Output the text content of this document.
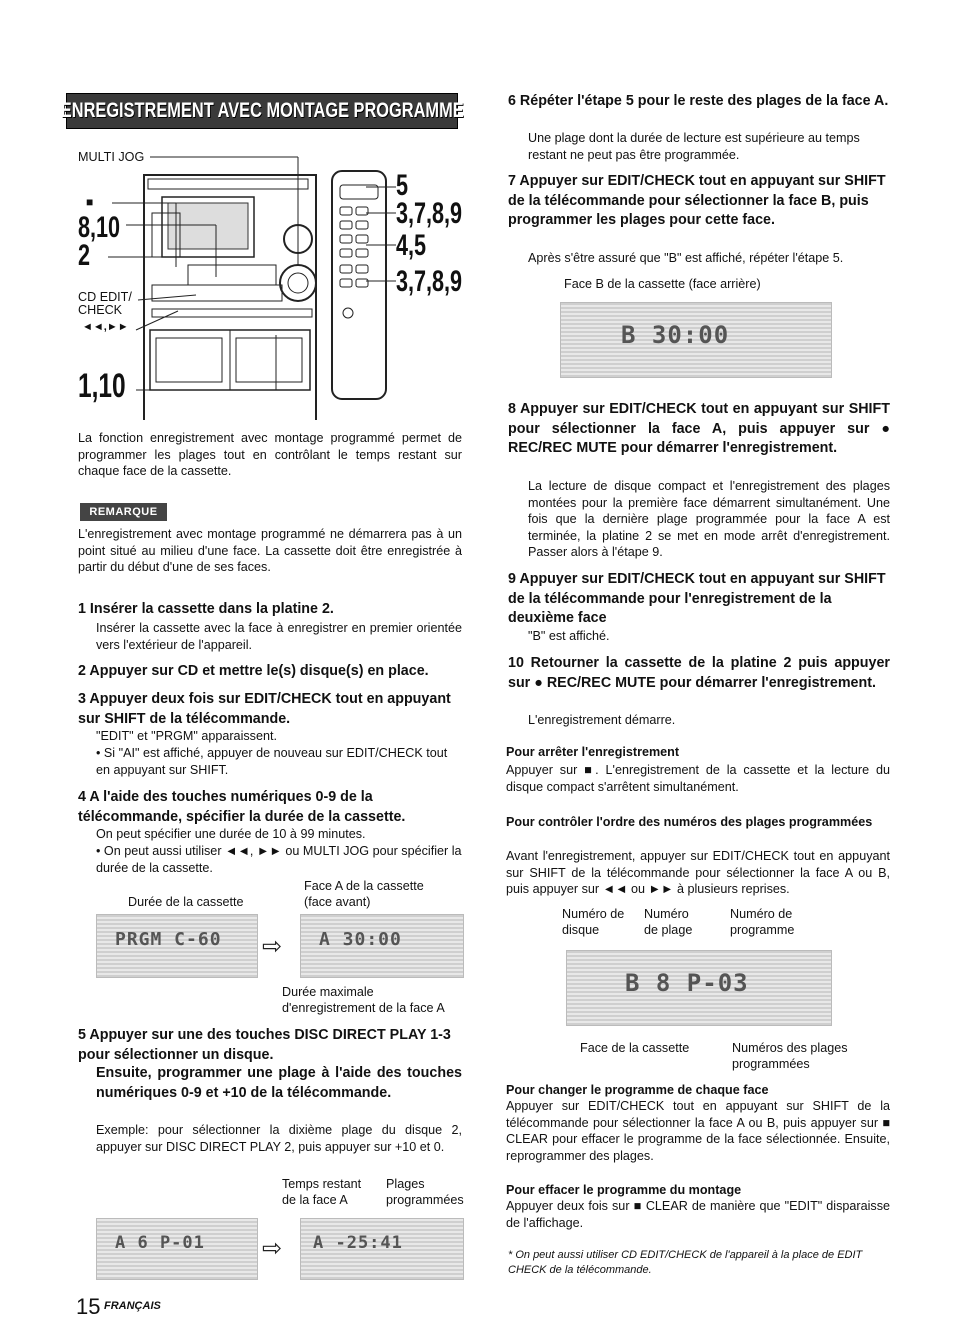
ENREGISTREMENT AVEC MONTAGE PROGRAMME
MULTI JOG
■
8,10
2
CD EDIT/
CHECK
◄◄,►►
1,10
5
3,7,8,9
4,5
3,7,8,9
La fonction enregistrement avec montage programmé permet de programmer les plages tout en contrôlant le temps restant sur chaque face de la cassette.
REMARQUE
L'enregistrement avec montage programmé ne démarrera pas à un point situé au milieu d'une face. La cassette doit être enregistrée à partir du début d'une de ses faces.
1 Insérer la cassette dans la platine 2.
Insérer la cassette avec la face à enregistrer en premier orientée vers l'extérieur de l'appareil.
2 Appuyer sur CD et mettre le(s) disque(s) en place.
3 Appuyer deux fois sur EDIT/CHECK tout en appuyant sur SHIFT de la télécommande.
"EDIT" et "PRGM" apparaissent.
• Si "AI" est affiché, appuyer de nouveau sur EDIT/CHECK tout en appuyant sur SHIFT.
4 A l'aide des touches numériques 0-9 de la télécommande, spécifier la durée de la cassette.
On peut spécifier une durée de 10 à 99 minutes.
• On peut aussi utiliser ◄◄, ►► ou MULTI JOG pour spécifier la durée de la cassette.
Durée de la cassette
Face A de la cassette
(face avant)
PRGM C-60 ⇨ A 30:00
Durée maximale
d'enregistrement de la face A
5 Appuyer sur une des touches DISC DIRECT PLAY 1-3 pour sélectionner un disque.
Ensuite, programmer une plage à l'aide des touches numériques 0-9 et +10 de la télécommande.
Exemple: pour sélectionner la dixième plage du disque 2, appuyer sur DISC DIRECT PLAY 2, puis appuyer sur +10 et 0.
Temps restant
de la face A
Plages
programmées
A 6 P-01 ⇨ A -25:41
15 FRANÇAIS
6 Répéter l'étape 5 pour le reste des plages de la face A.
Une plage dont la durée de lecture est supérieure au temps restant ne peut pas être programmée.
7 Appuyer sur EDIT/CHECK tout en appuyant sur SHIFT de la télécommande pour sélectionner la face B, puis programmer les plages pour cette face.
Après s'être assuré que "B" est affiché, répéter l'étape 5.
Face B de la cassette (face arrière)
B 30:00
8 Appuyer sur EDIT/CHECK tout en appuyant sur SHIFT pour sélectionner la face A, puis appuyer sur ● REC/REC MUTE pour démarrer l'enregistrement.
La lecture de disque compact et l'enregistrement des plages montées pour la première face démarrent simultanément. Une fois que la dernière plage programmée pour la face A est terminée, la platine 2 se met en mode arrêt d'enregistrement. Passer alors à l'étape 9.
9 Appuyer sur EDIT/CHECK tout en appuyant sur SHIFT de la télécommande pour l'enregistrement de la deuxième face
"B" est affiché.
10 Retourner la cassette de la platine 2 puis appuyer sur ● REC/REC MUTE pour démarrer l'enregistrement.
L'enregistrement démarre.
Pour arrêter l'enregistrement
Appuyer sur ■. L'enregistrement de la cassette et la lecture du disque compact s'arrêtent simultanément.
Pour contrôler l'ordre des numéros des plages programmées
Avant l'enregistrement, appuyer sur EDIT/CHECK tout en appuyant sur SHIFT de la télécommande pour sélectionner la face A ou B, puis appuyer sur ◄◄ ou ►► à plusieurs reprises.
Numéro de
disque
Numéro
de plage
Numéro de
programme
B 8 P-03
Face de la cassette	Numéros des plages
programmées
Pour changer le programme de chaque face
Appuyer sur EDIT/CHECK tout en appuyant sur SHIFT de la télécommande pour sélectionner la face A ou B, puis appuyer sur ■ CLEAR pour effacer le programme de la face sélectionnée. Ensuite, reprogrammer des plages.
Pour effacer le programme du montage
Appuyer deux fois sur ■ CLEAR de manière que "EDIT" disparaisse de l'affichage.
* On peut aussi utiliser CD EDIT/CHECK de l'appareil à la place de EDIT CHECK de la télécommande.
